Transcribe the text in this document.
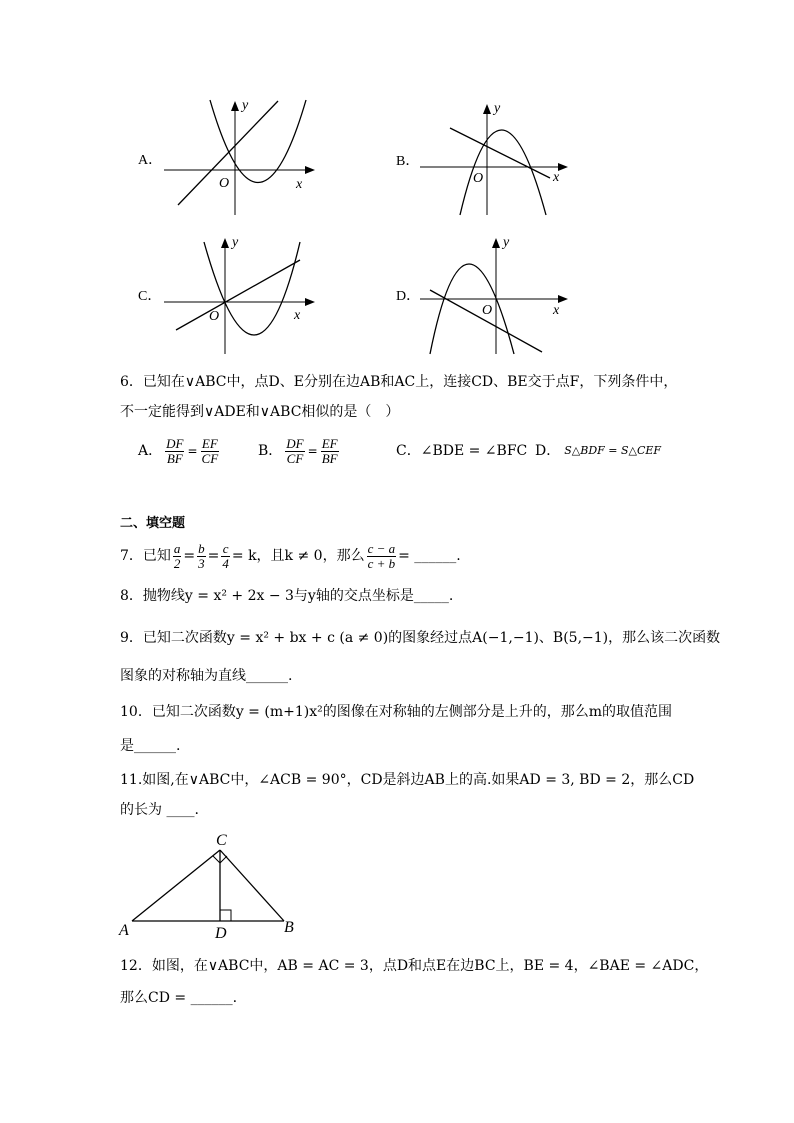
A．
y
x
O
B．
y
x
O
C．
y
x
O
D．
y
x
O
6．已知在∨ABC中，点D、E分别在边AB和AC上，连接CD、BE交于点F，下列条件中，
不一定能得到∨ADE和∨ABC相似的是（　）
A． $\frac{DF}{BF} = \frac{EF}{CF}$	B． $\frac{DF}{CF} = \frac{EF}{BF}$	C．∠BDE = ∠BFC D． S△BDF = S△CEF
二、填空题
7．已知 $\frac{a}{2} = \frac{b}{3} = \frac{c}{4} = k$，且k ≠ 0，那么 $\frac{c - a}{c + b}$ = ______.
8．抛物线y = x² + 2x − 3与y轴的交点坐标是_____.
9．已知二次函数y = x² + bx + c (a ≠ 0)的图象经过点A(−1,−1)、B(5,−1)，那么该二次函数
图象的对称轴为直线______.
10．已知二次函数y = (m+1)x²的图像在对称轴的左侧部分是上升的，那么m的取值范围
是______.
11.如图,在∨ABC中，∠ACB = 90°，CD是斜边AB上的高.如果AD = 3, BD = 2，那么CD
的长为 ____.
C
A	D	B
12．如图，在∨ABC中，AB = AC = 3，点D和点E在边BC上，BE = 4，∠BAE = ∠ADC，
那么CD = ______.
